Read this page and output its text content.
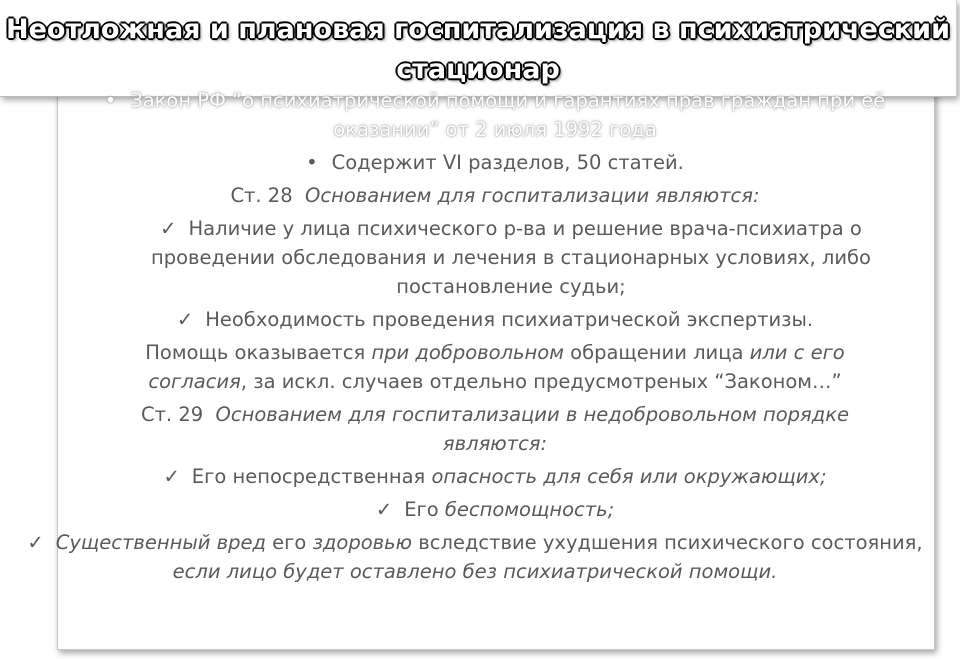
Неотложная и плановая госпитализация в психиатрический стационар

• Закон РФ “о психиатрической помощи и гарантиях прав граждан при её оказании” от 2 июля 1992 года

• Содержит VI разделов, 50 статей.

Ст. 28 Основанием для госпитализации являются:

✓ Наличие у лица психического р-ва и решение врача-психиатра о проведении обследования и лечения в стационарных условиях, либо постановление судьи;

✓ Необходимость проведения психиатрической экспертизы.

Помощь оказывается при добровольном обращении лица или с его согласия, за искл. случаев отдельно предусмотреных “Законом…”

Ст. 29 Основанием для госпитализации в недобровольном порядке являются:

✓ Его непосредственная опасность для себя или окружающих;

✓ Его беспомощность;

✓ Существенный вред его здоровью вследствие ухудшения психического состояния, если лицо будет оставлено без психиатрической помощи.
